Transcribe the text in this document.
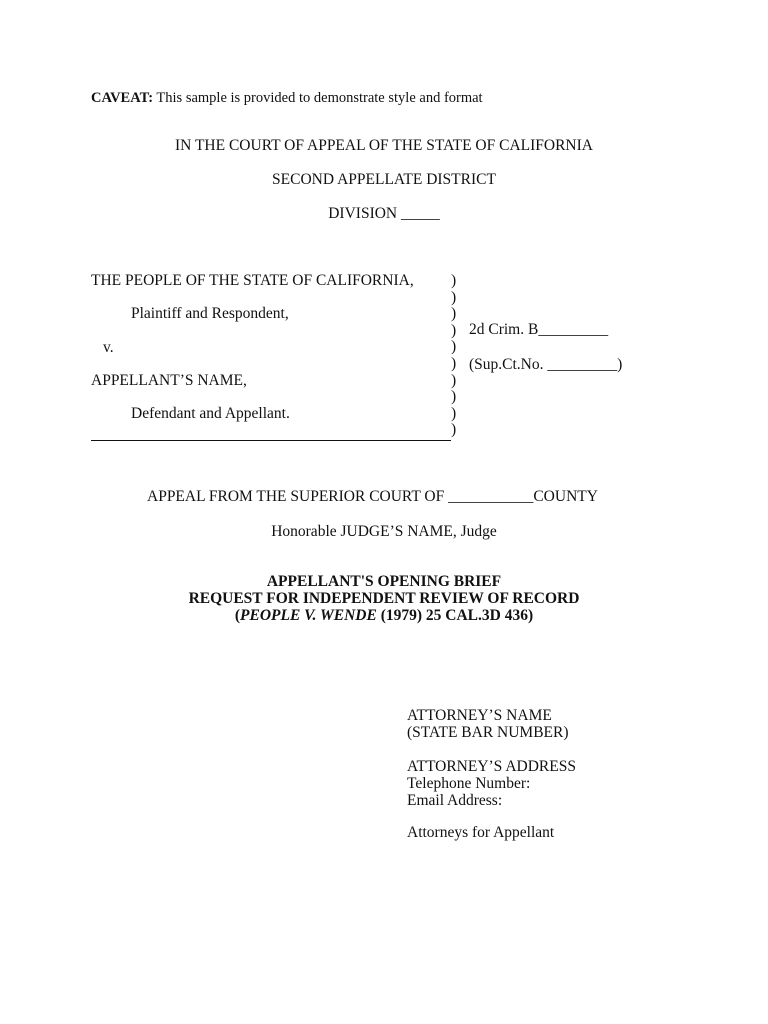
CAVEAT: This sample is provided to demonstrate style and format
IN THE COURT OF APPEAL OF THE STATE OF CALIFORNIA
SECOND APPELLATE DISTRICT
DIVISION _____
THE PEOPLE OF THE STATE OF CALIFORNIA,
Plaintiff and Respondent,
v.
APPELLANT’S NAME,
Defendant and Appellant.

)

)

)

)

)

)

)

)

)

)

2d Crim. B_________
(Sup.Ct.No. _________)
APPEAL FROM THE SUPERIOR COURT OF ___________COUNTY
Honorable JUDGE’S NAME, Judge
APPELLANT'S OPENING BRIEF
REQUEST FOR INDEPENDENT REVIEW OF RECORD
(PEOPLE V. WENDE (1979) 25 CAL.3D 436)
ATTORNEY’S NAME
(STATE BAR NUMBER)
ATTORNEY’S ADDRESS
Telephone Number:
Email Address:
Attorneys for Appellant
